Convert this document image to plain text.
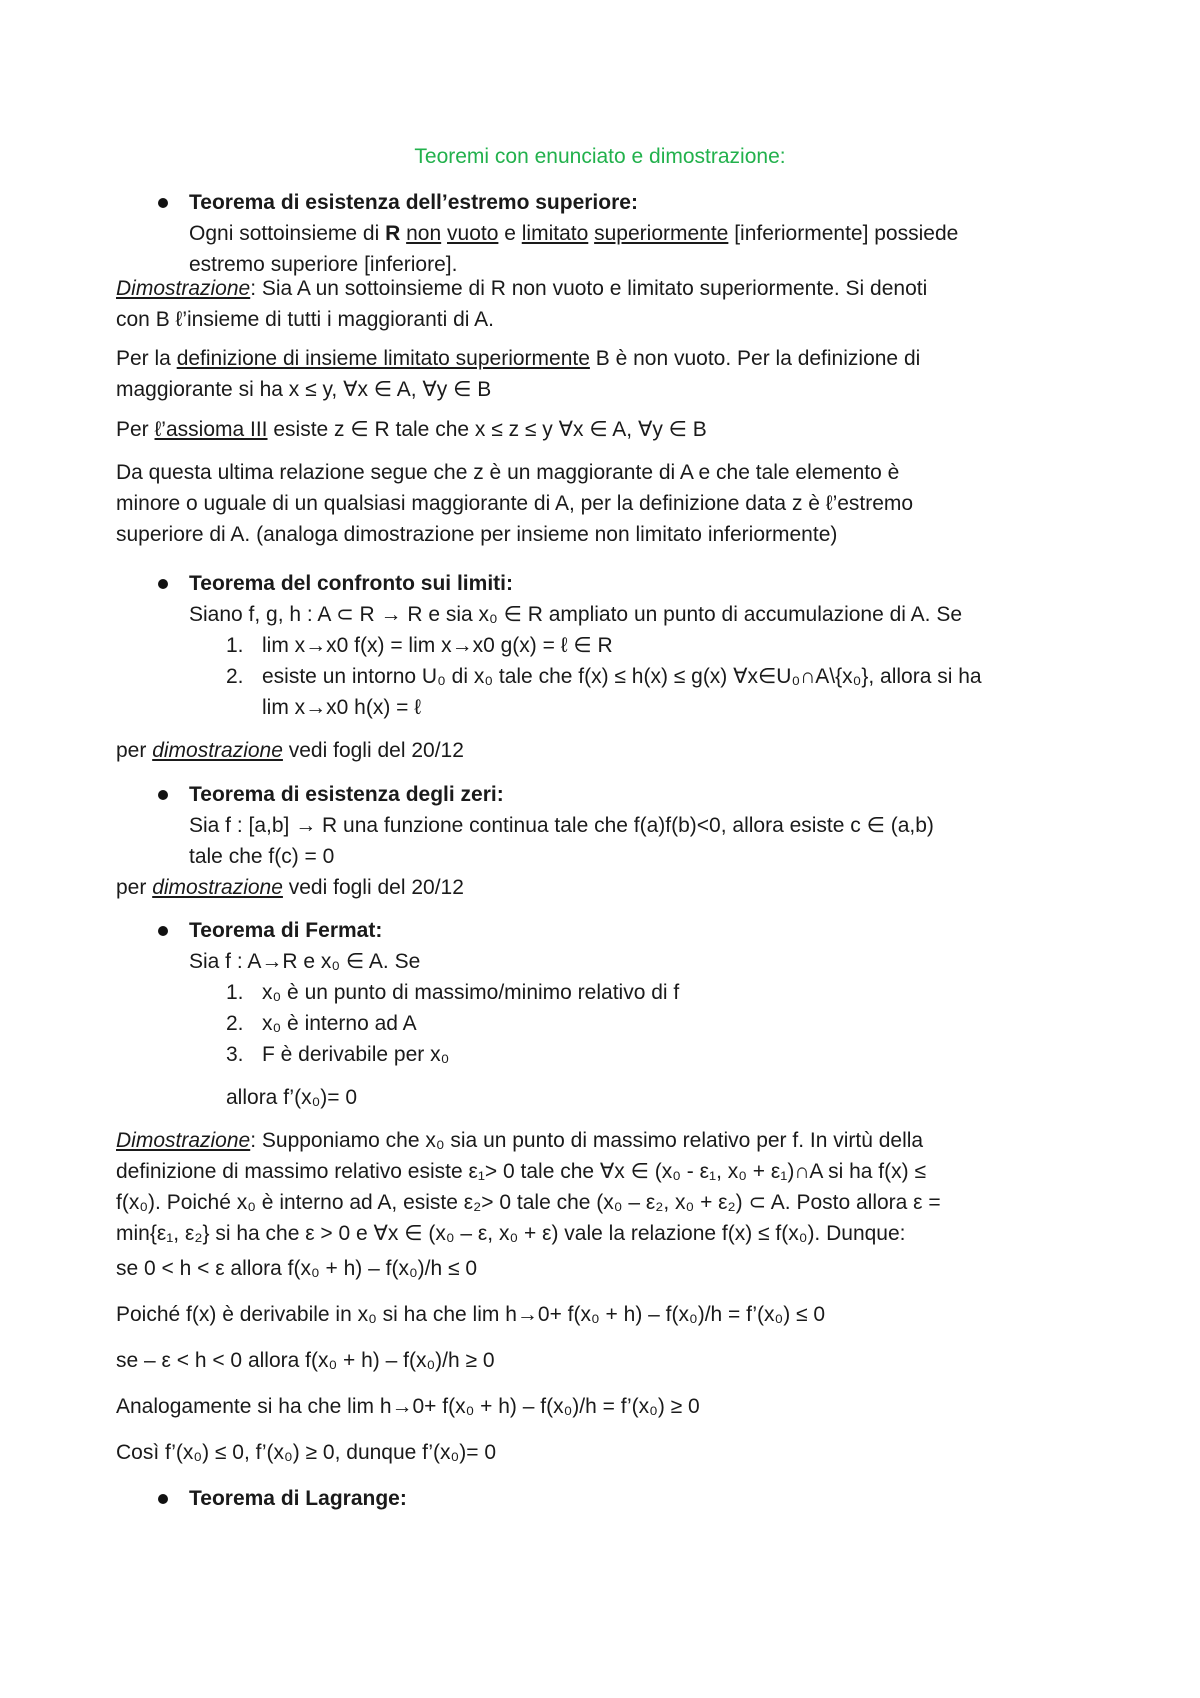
Teoremi con enunciato e dimostrazione:
Teorema di esistenza dell’estremo superiore:
Ogni sottoinsieme di R non vuoto e limitato superiormente [inferiormente] possiede
estremo superiore [inferiore].
Dimostrazione: Sia A un sottoinsieme di R non vuoto e limitato superiormente. Si denoti
con B ℓ’insieme di tutti i maggioranti di A.
Per la definizione di insieme limitato superiormente B è non vuoto. Per la definizione di
maggiorante si ha x ≤ y, ∀x ∈ A, ∀y ∈ B
Per ℓ’assioma III esiste z ∈ R tale che x ≤ z ≤ y ∀x ∈ A, ∀y ∈ B
Da questa ultima relazione segue che z è un maggiorante di A e che tale elemento è
minore o uguale di un qualsiasi maggiorante di A, per la definizione data z è ℓ’estremo
superiore di A. (analoga dimostrazione per insieme non limitato inferiormente)
Teorema del confronto sui limiti:
Siano f, g, h : A ⊂ R → R e sia x₀ ∈ R ampliato un punto di accumulazione di A. Se
1. lim x→x0 f(x) = lim x→x0 g(x) = ℓ ∈ R
2. esiste un intorno U₀ di x₀ tale che f(x) ≤ h(x) ≤ g(x) ∀x∈U₀∩A\{x₀}, allora si ha
lim x→x0 h(x) = ℓ
per dimostrazione vedi fogli del 20/12
Teorema di esistenza degli zeri:
Sia f : [a,b] → R una funzione continua tale che f(a)f(b)<0, allora esiste c ∈ (a,b)
tale che f(c) = 0
per dimostrazione vedi fogli del 20/12
Teorema di Fermat:
Sia f : A→R e x₀ ∈ A. Se
1. x₀ è un punto di massimo/minimo relativo di f
2. x₀ è interno ad A
3. F è derivabile per x₀
allora f’(x₀)= 0
Dimostrazione: Supponiamo che x₀ sia un punto di massimo relativo per f. In virtù della
definizione di massimo relativo esiste ε₁> 0 tale che ∀x ∈ (x₀ - ε₁, x₀ + ε₁)∩A si ha f(x) ≤
f(x₀). Poiché x₀ è interno ad A, esiste ε₂> 0 tale che (x₀ – ε₂, x₀ + ε₂) ⊂ A. Posto allora ε =
min{ε₁, ε₂} si ha che ε > 0 e ∀x ∈ (x₀ – ε, x₀ + ε) vale la relazione f(x) ≤ f(x₀). Dunque:
se 0 < h < ε allora f(x₀ + h) – f(x₀)/h ≤ 0
Poiché f(x) è derivabile in x₀ si ha che lim h→0+ f(x₀ + h) – f(x₀)/h = f’(x₀) ≤ 0
se – ε < h < 0 allora f(x₀ + h) – f(x₀)/h ≥ 0
Analogamente si ha che lim h→0+ f(x₀ + h) – f(x₀)/h = f’(x₀) ≥ 0
Così f’(x₀) ≤ 0, f’(x₀) ≥ 0, dunque f’(x₀)= 0
Teorema di Lagrange:
